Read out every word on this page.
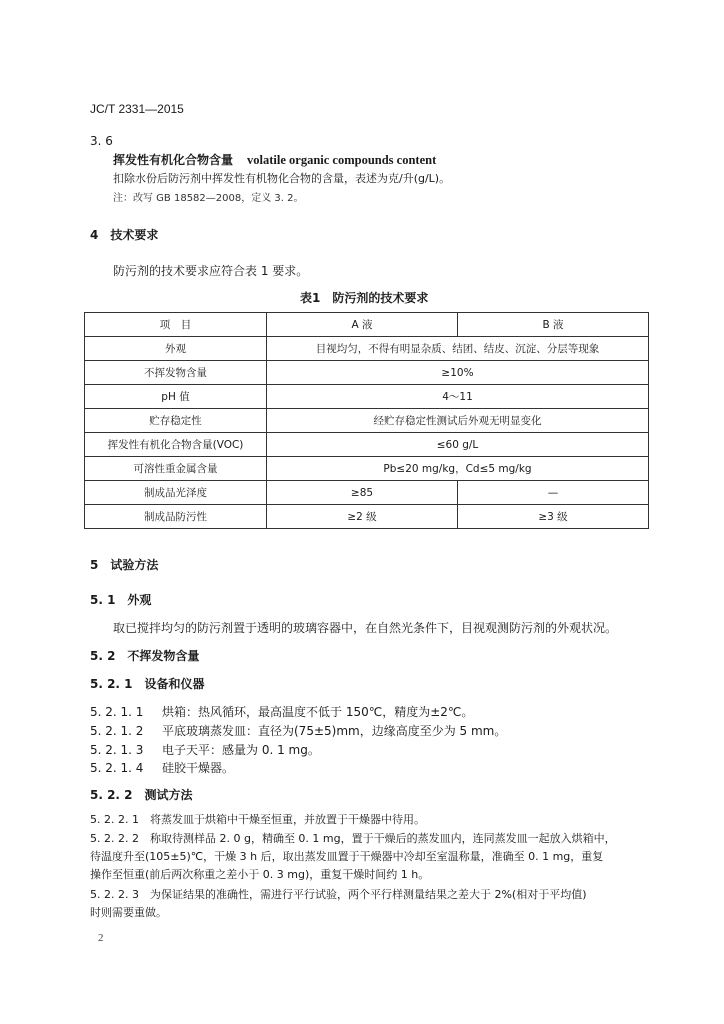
JC/T 2331—2015
3. 6
挥发性有机化合物含量 volatile organic compounds content
扣除水份后防污剂中挥发性有机物化合物的含量，表述为克/升(g/L)。
注：改写 GB 18582—2008，定义 3. 2。
4　技术要求
防污剂的技术要求应符合表 1 要求。
表1　防污剂的技术要求
项　目	A 液	B 液
外观	目视均匀，不得有明显杂质、结团、结皮、沉淀、分层等现象	
不挥发物含量	≥10%	
pH 值	4～11	
贮存稳定性	经贮存稳定性测试后外观无明显变化	
挥发性有机化合物含量(VOC)	≤60 g/L	
可溶性重金属含量	Pb≤20 mg/kg，Cd≤5 mg/kg	
制成品光泽度	≥85	—
制成品防污性	≥2 级	≥3 级
5　试验方法
5. 1　外观
取已搅拌均匀的防污剂置于透明的玻璃容器中，在自然光条件下，目视观测防污剂的外观状况。
5. 2　不挥发物含量
5. 2. 1　设备和仪器
5. 2. 1. 1 烘箱：热风循环，最高温度不低于 150℃，精度为±2℃。
5. 2. 1. 2 平底玻璃蒸发皿：直径为(75±5)mm，边缘高度至少为 5 mm。
5. 2. 1. 3 电子天平：感量为 0. 1 mg。
5. 2. 1. 4 硅胶干燥器。
5. 2. 2　测试方法
5. 2. 2. 1　将蒸发皿于烘箱中干燥至恒重，并放置于干燥器中待用。
5. 2. 2. 2　称取待测样品 2. 0 g，精确至 0. 1 mg，置于干燥后的蒸发皿内，连同蒸发皿一起放入烘箱中，
待温度升至(105±5)℃，干燥 3 h 后，取出蒸发皿置于干燥器中冷却至室温称量，准确至 0. 1 mg，重复
操作至恒重(前后两次称重之差小于 0. 3 mg)，重复干燥时间约 1 h。
5. 2. 2. 3　为保证结果的准确性，需进行平行试验，两个平行样测量结果之差大于 2%(相对于平均值)
时则需要重做。
2
